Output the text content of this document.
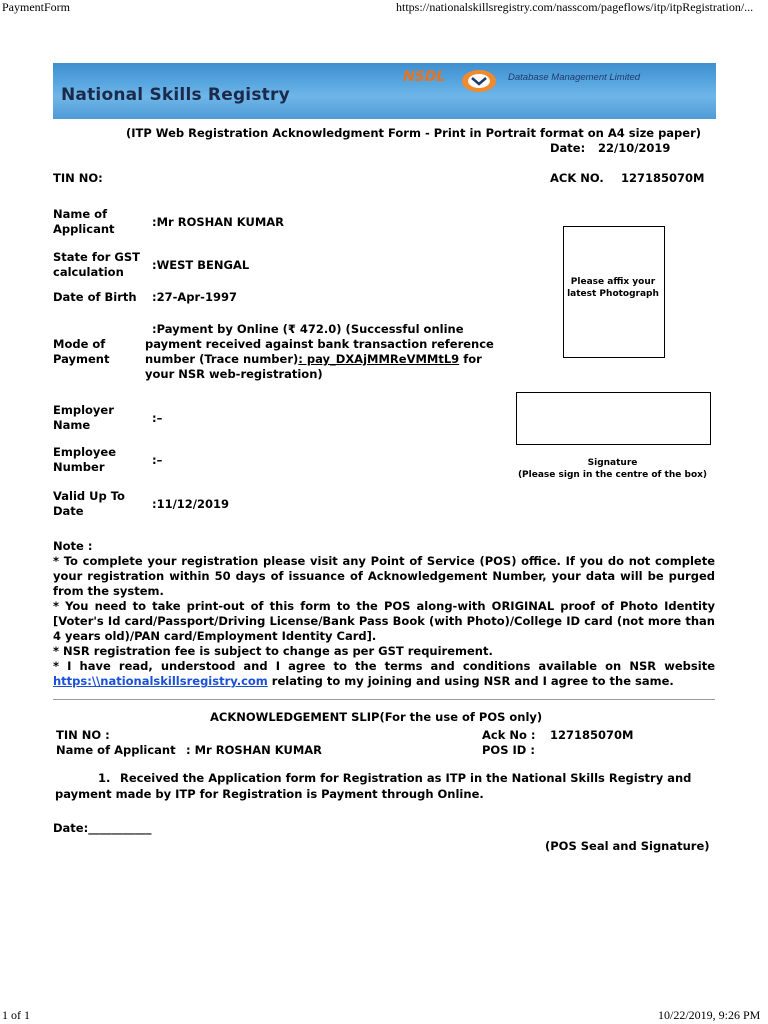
PaymentForm	https://nationalskillsregistry.com/nasscom/pageflows/itp/itpRegistration/...
National Skills Registry
NSDL	Database Management Limited
(ITP Web Registration Acknowledgment Form - Print in Portrait format on A4 size paper)
Date: 22/10/2019
TIN NO:	ACK NO. 127185070M
Name of
Applicant	:Mr ROSHAN KUMAR
State for GST
calculation :WEST BENGAL
Date of Birth :27-Apr-1997
Mode of
Payment
:Payment by Online (₹ 472.0) (Successful online
payment received against bank transaction reference
number (Trace number): pay_DXAjMMReVMMtL9 for
your NSR web-registration)
Employer
Name	:–
Employee
Number	:–
Valid Up To
Date	:11/12/2019
Please affix your latest Photograph
Signature
(Please sign in the centre of the box)

Note :

* To complete your registration please visit any Point of Service (POS) office. If you do not complete your registration within 50 days of issuance of Acknowledgement Number, your data will be purged from the system.

* You need to take print-out of this form to the POS along-with ORIGINAL proof of Photo Identity [Voter's Id card/Passport/Driving License/Bank Pass Book (with Photo)/College ID card (not more than 4 years old)/PAN card/Employment Identity Card].

* NSR registration fee is subject to change as per GST requirement.

* I have read, understood and I agree to the terms and conditions available on NSR website https:\\nationalskillsregistry.com relating to my joining and using NSR and I agree to the same.

ACKNOWLEDGEMENT SLIP(For the use of POS only)
TIN NO :	Ack No : 127185070M
Name of Applicant : Mr ROSHAN KUMAR	POS ID :
1. Received the Application form for Registration as ITP in the National Skills Registry and
payment made by ITP for Registration is Payment through Online.
Date:___________
(POS Seal and Signature)
1 of 1	10/22/2019, 9:26 PM
